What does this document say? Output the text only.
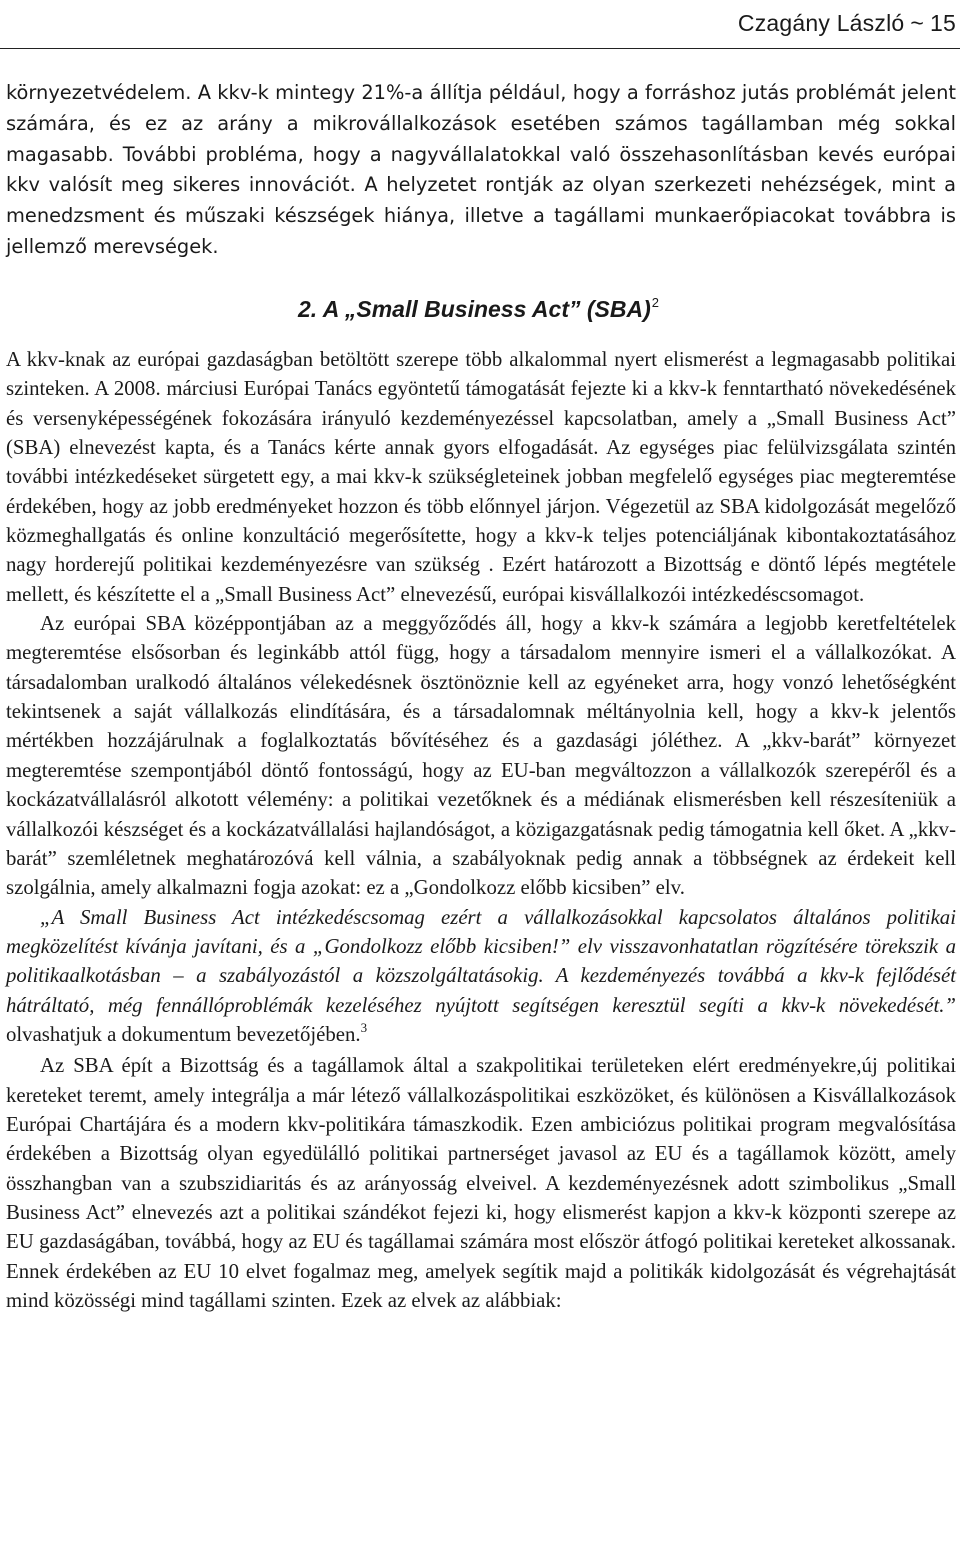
Czagány László ~ 15

környezetvédelem. A kkv-k mintegy 21%-a állítja például, hogy a forráshoz jutás problémát jelent számára, és ez az arány a mikrovállalkozások esetében számos tagállamban még sokkal magasabb. További probléma, hogy a nagyvállalatokkal való összehasonlításban kevés európai kkv valósít meg sikeres innovációt. A helyzetet rontják az olyan szerkezeti nehézségek, mint a menedzsment és műszaki készségek hiánya, illetve a tagállami munkaerőpiacokat továbbra is jellemző merevségek.

2. A „Small Business Act” (SBA)$^2$

A kkv-knak az európai gazdaságban betöltött szerepe több alkalommal nyert elismerést a legmagasabb politikai szinteken. A 2008. márciusi Európai Tanács egyöntetű támogatását fejezte ki a kkv-k fenntartható növekedésének és versenyképességének fokozására irányuló kezdeményezéssel kapcsolatban, amely a „Small Business Act” (SBA) elnevezést kapta, és a Tanács kérte annak gyors elfogadását. Az egységes piac felülvizsgálata szintén további intézkedéseket sürgetett egy, a mai kkv-k szükségleteinek jobban megfelelő egységes piac megteremtése érdekében, hogy az jobb eredményeket hozzon és több előnnyel járjon. Végezetül az SBA kidolgozását megelőző közmeghallgatás és online konzultáció megerősítette, hogy a kkv-k teljes potenciáljának kibontakoztatásához nagy horderejű politikai kezdeményezésre van szükség . Ezért határozott a Bizottság e döntő lépés megtétele mellett, és készítette el a „Small Business Act” elnevezésű, európai kisvállalkozói intézkedéscsomagot.

Az európai SBA középpontjában az a meggyőződés áll, hogy a kkv-k számára a legjobb keretfeltételek megteremtése elsősorban és leginkább attól függ, hogy a társadalom mennyire ismeri el a vállalkozókat. A társadalomban uralkodó általános vélekedésnek ösztönöznie kell az egyéneket arra, hogy vonzó lehetőségként tekintsenek a saját vállalkozás elindítására, és a társadalomnak méltányolnia kell, hogy a kkv-k jelentős mértékben hozzájárulnak a foglalkoztatás bővítéséhez és a gazdasági jóléthez. A „kkv-barát” környezet megteremtése szempontjából döntő fontosságú, hogy az EU-ban megváltozzon a vállalkozók szerepéről és a kockázatvállalásról alkotott vélemény: a politikai vezetőknek és a médiának elismerésben kell részesíteniük a vállalkozói készséget és a kockázatvállalási hajlandóságot, a közigazgatásnak pedig támogatnia kell őket. A „kkv-barát” szemléletnek meghatározóvá kell válnia, a szabályoknak pedig annak a többségnek az érdekeit kell szolgálnia, amely alkalmazni fogja azokat: ez a „Gondolkozz előbb kicsiben” elv.

„A Small Business Act intézkedéscsomag ezért a vállalkozásokkal kapcsolatos általános politikai megközelítést kívánja javítani, és a „Gondolkozz előbb kicsiben!” elv visszavonhatatlan rögzítésére törekszik a politikaalkotásban – a szabályozástól a közszolgáltatásokig. A kezdeményezés továbbá a kkv-k fejlődését hátráltató, még fennállóproblémák kezeléséhez nyújtott segítségen keresztül segíti a kkv-k növekedését.” olvashatjuk a dokumentum bevezetőjében.$^3$

Az SBA épít a Bizottság és a tagállamok által a szakpolitikai területeken elért eredményekre,új politikai kereteket teremt, amely integrálja a már létező vállalkozáspolitikai eszközöket, és különösen a Kisvállalkozások Európai Chartájára és a modern kkv-politikára támaszkodik. Ezen ambiciózus politikai program megvalósítása érdekében a Bizottság olyan egyedülálló politikai partnerséget javasol az EU és a tagállamok között, amely összhangban van a szubszidiaritás és az arányosság elveivel. A kezdeményezésnek adott szimbolikus „Small Business Act” elnevezés azt a politikai szándékot fejezi ki, hogy elismerést kapjon a kkv-k központi szerepe az EU gazdaságában, továbbá, hogy az EU és tagállamai számára most először átfogó politikai kereteket alkossanak. Ennek érdekében az EU 10 elvet fogalmaz meg, amelyek segítik majd a politikák kidolgozását és végrehajtását mind közösségi mind tagállami szinten. Ezek az elvek az alábbiak:
